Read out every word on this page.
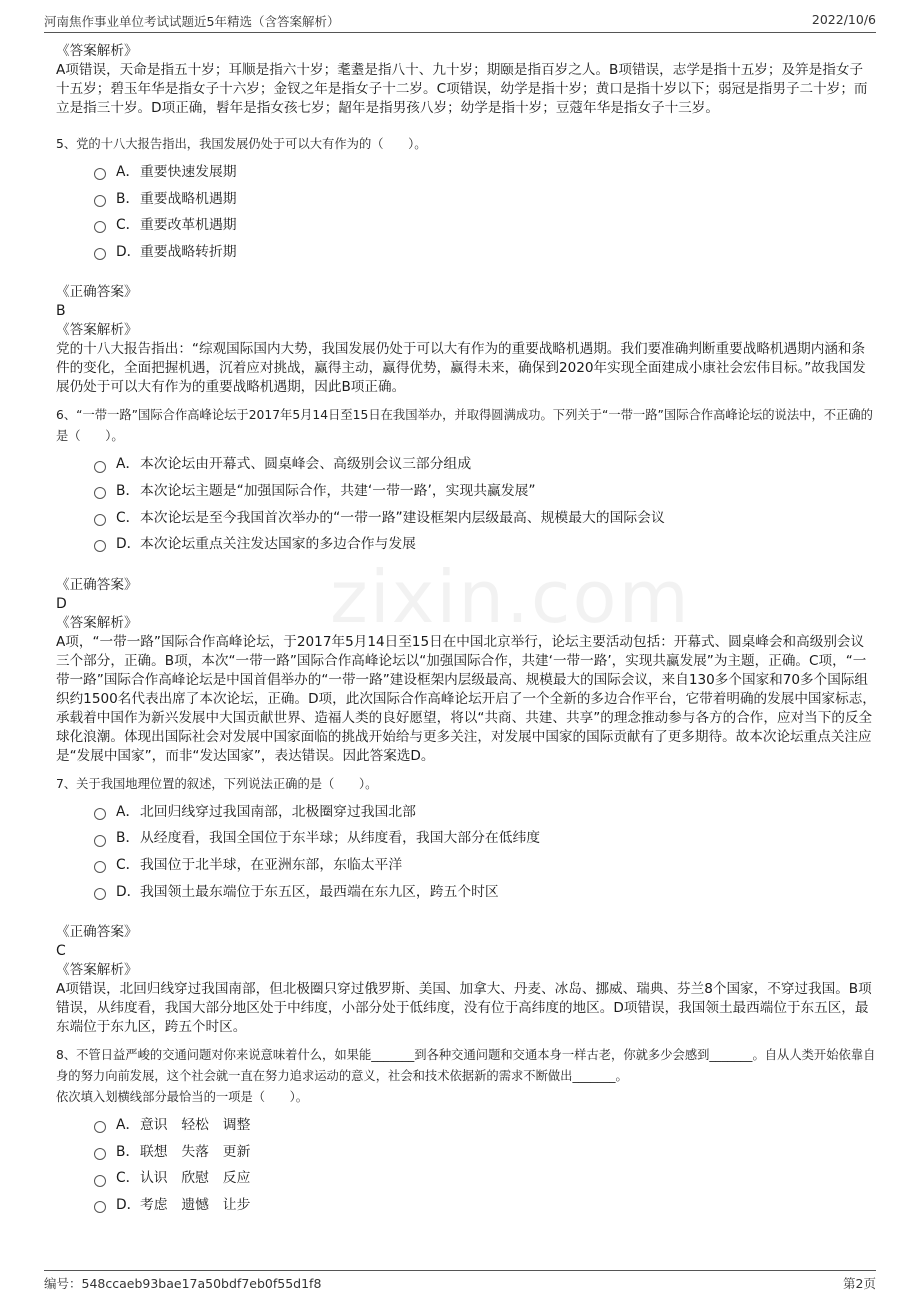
河南焦作事业单位考试试题近5年精选（含答案解析）	2022/10/6
zixin.com

《答案解析》

A项错误，天命是指五十岁；耳顺是指六十岁；耄耋是指八十、九十岁；期颐是指百岁之人。B项错误，志学是指十五岁；及笄是指女子十五岁；碧玉年华是指女子十六岁；金钗之年是指女子十二岁。C项错误，幼学是指十岁；黄口是指十岁以下；弱冠是指男子二十岁；而立是指三十岁。D项正确，髫年是指女孩七岁；龆年是指男孩八岁；幼学是指十岁；豆蔻年华是指女子十三岁。

5、党的十八大报告指出，我国发展仍处于可以大有作为的（　　）。

A． 重要快速发展期
B． 重要战略机遇期
C． 重要改革机遇期
D． 重要战略转折期

《正确答案》

B

《答案解析》

党的十八大报告指出：“综观国际国内大势，我国发展仍处于可以大有作为的重要战略机遇期。我们要准确判断重要战略机遇期内涵和条件的变化，全面把握机遇，沉着应对挑战，赢得主动，赢得优势，赢得未来，确保到2020年实现全面建成小康社会宏伟目标。”故我国发展仍处于可以大有作为的重要战略机遇期，因此B项正确。

6、“一带一路”国际合作高峰论坛于2017年5月14日至15日在我国举办，并取得圆满成功。下列关于“一带一路”国际合作高峰论坛的说法中，不正确的是（　　）。

A． 本次论坛由开幕式、圆桌峰会、高级别会议三部分组成
B． 本次论坛主题是“加强国际合作，共建‘一带一路’，实现共赢发展”
C． 本次论坛是至今我国首次举办的“一带一路”建设框架内层级最高、规模最大的国际会议
D． 本次论坛重点关注发达国家的多边合作与发展

《正确答案》

D

《答案解析》

A项，“一带一路”国际合作高峰论坛，于2017年5月14日至15日在中国北京举行，论坛主要活动包括：开幕式、圆桌峰会和高级别会议三个部分，正确。B项，本次“一带一路”国际合作高峰论坛以“加强国际合作，共建‘一带一路’，实现共赢发展”为主题，正确。C项，“一带一路”国际合作高峰论坛是中国首倡举办的“一带一路”建设框架内层级最高、规模最大的国际会议，来自130多个国家和70多个国际组织约1500名代表出席了本次论坛，正确。D项，此次国际合作高峰论坛开启了一个全新的多边合作平台，它带着明确的发展中国家标志，承载着中国作为新兴发展中大国贡献世界、造福人类的良好愿望，将以“共商、共建、共享”的理念推动参与各方的合作，应对当下的反全球化浪潮。体现出国际社会对发展中国家面临的挑战开始给与更多关注，对发展中国家的国际贡献有了更多期待。故本次论坛重点关注应是“发展中国家”，而非“发达国家”，表达错误。因此答案选D。

7、关于我国地理位置的叙述，下列说法正确的是（　　）。

A． 北回归线穿过我国南部，北极圈穿过我国北部
B． 从经度看，我国全国位于东半球；从纬度看，我国大部分在低纬度
C． 我国位于北半球，在亚洲东部，东临太平洋
D． 我国领土最东端位于东五区，最西端在东九区，跨五个时区

《正确答案》

C

《答案解析》

A项错误，北回归线穿过我国南部，但北极圈只穿过俄罗斯、美国、加拿大、丹麦、冰岛、挪威、瑞典、芬兰8个国家，不穿过我国。B项错误，从纬度看，我国大部分地区处于中纬度，小部分处于低纬度，没有位于高纬度的地区。D项错误，我国领土最西端位于东五区，最东端位于东九区，跨五个时区。

8、不管日益严峻的交通问题对你来说意味着什么，如果能_______到各种交通问题和交通本身一样古老，你就多少会感到_______。自从人类开始依靠自身的努力向前发展，这个社会就一直在努力追求运动的意义，社会和技术依据新的需求不断做出_______。

依次填入划横线部分最恰当的一项是（　　）。

A． 意识　轻松　调整
B． 联想　失落　更新
C． 认识　欣慰　反应
D． 考虑　遗憾　让步
编号：548ccaeb93bae17a50bdf7eb0f55d1f8	第2页
